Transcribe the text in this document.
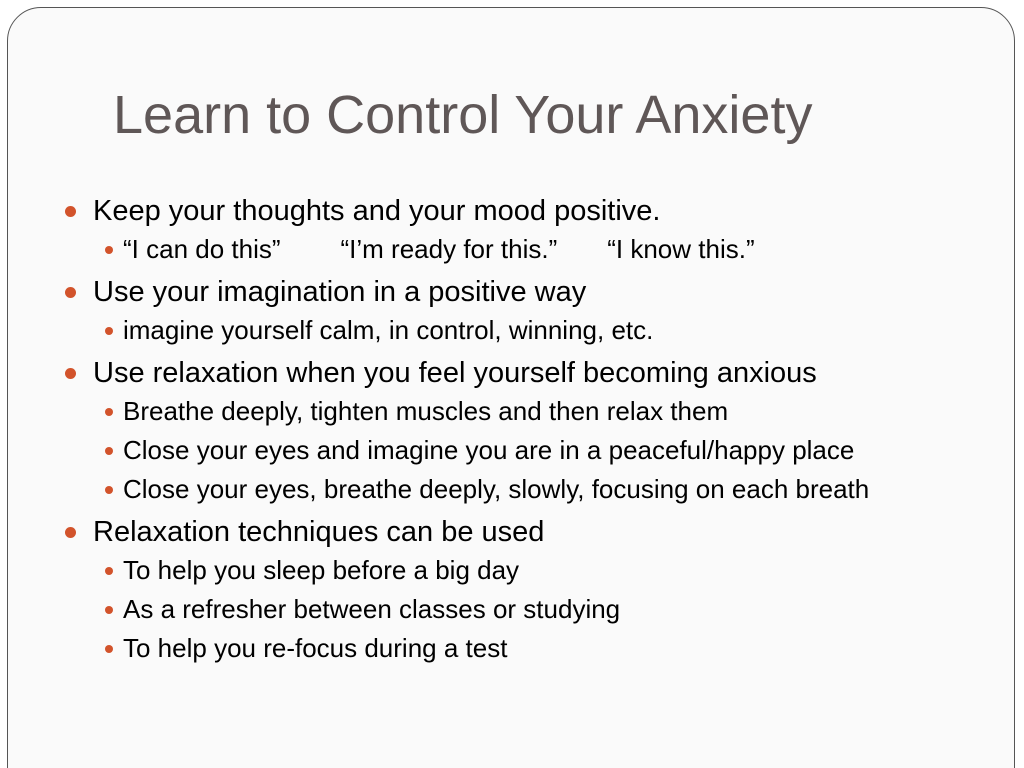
Learn to Control Your Anxiety
Keep your thoughts and your mood positive.
“I can do this” “I’m ready for this.” “I know this.”
Use your imagination in a positive way
imagine yourself calm, in control, winning, etc.
Use relaxation when you feel yourself becoming anxious
Breathe deeply, tighten muscles and then relax them
Close your eyes and imagine you are in a peaceful/happy place
Close your eyes, breathe deeply, slowly, focusing on each breath
Relaxation techniques can be used
To help you sleep before a big day
As a refresher between classes or studying
To help you re-focus during a test
